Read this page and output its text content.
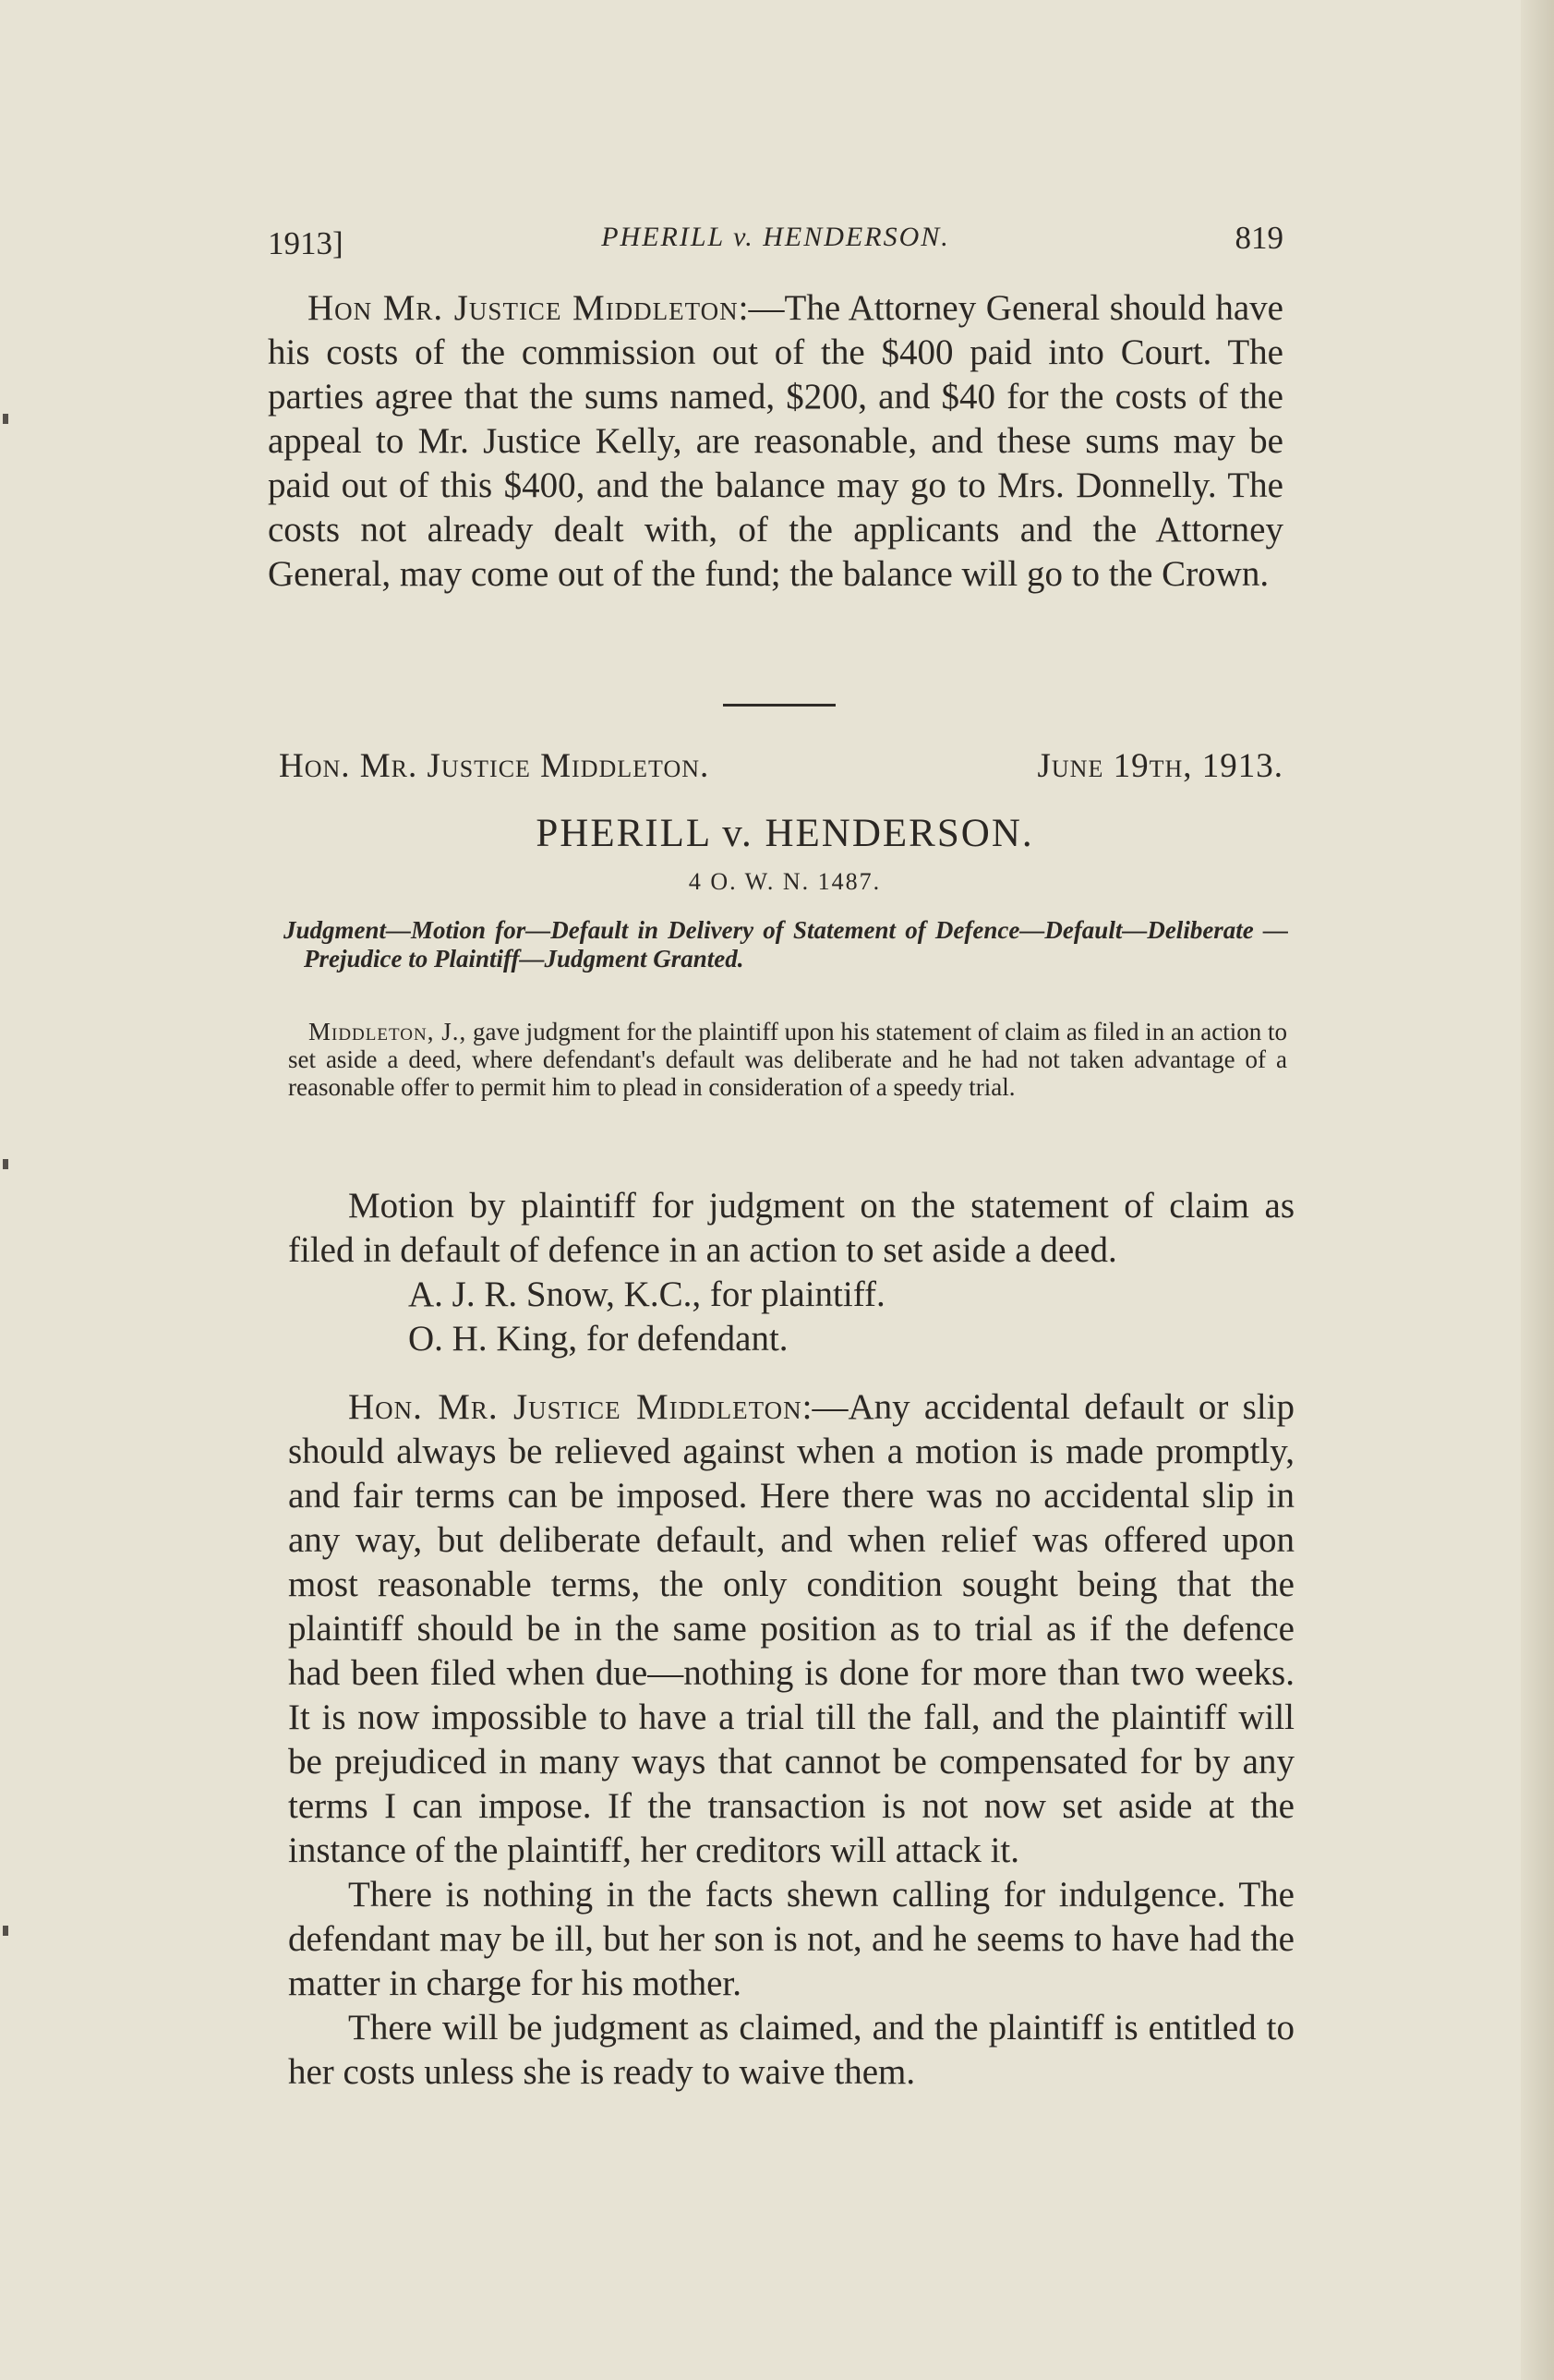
1913]	PHERILL v. HENDERSON.	819

Hon Mr. Justice Middleton:—The Attorney General should have his costs of the commission out of the $400 paid into Court. The parties agree that the sums named, $200, and $40 for the costs of the appeal to Mr. Justice Kelly, are reasonable, and these sums may be paid out of this $400, and the balance may go to Mrs. Donnelly. The costs not already dealt with, of the applicants and the Attorney General, may come out of the fund; the balance will go to the Crown.

Hon. Mr. Justice Middleton.	June 19th, 1913.
PHERILL v. HENDERSON.
4 O. W. N. 1487.
Judgment—Motion for—Default in Delivery of Statement of Defence—Default—Deliberate — Prejudice to Plaintiff—Judgment Granted.

Middleton, J., gave judgment for the plaintiff upon his statement of claim as filed in an action to set aside a deed, where defendant's default was deliberate and he had not taken advantage of a reasonable offer to permit him to plead in consideration of a speedy trial.

Motion by plaintiff for judgment on the statement of claim as filed in default of defence in an action to set aside a deed.

A. J. R. Snow, K.C., for plaintiff.

O. H. King, for defendant.

Hon. Mr. Justice Middleton:—Any accidental default or slip should always be relieved against when a motion is made promptly, and fair terms can be imposed. Here there was no accidental slip in any way, but deliberate default, and when relief was offered upon most reasonable terms, the only condition sought being that the plaintiff should be in the same position as to trial as if the defence had been filed when due—nothing is done for more than two weeks. It is now impossible to have a trial till the fall, and the plaintiff will be prejudiced in many ways that cannot be compensated for by any terms I can impose. If the transaction is not now set aside at the instance of the plaintiff, her creditors will attack it.

There is nothing in the facts shewn calling for indulgence. The defendant may be ill, but her son is not, and he seems to have had the matter in charge for his mother.

There will be judgment as claimed, and the plaintiff is entitled to her costs unless she is ready to waive them.
